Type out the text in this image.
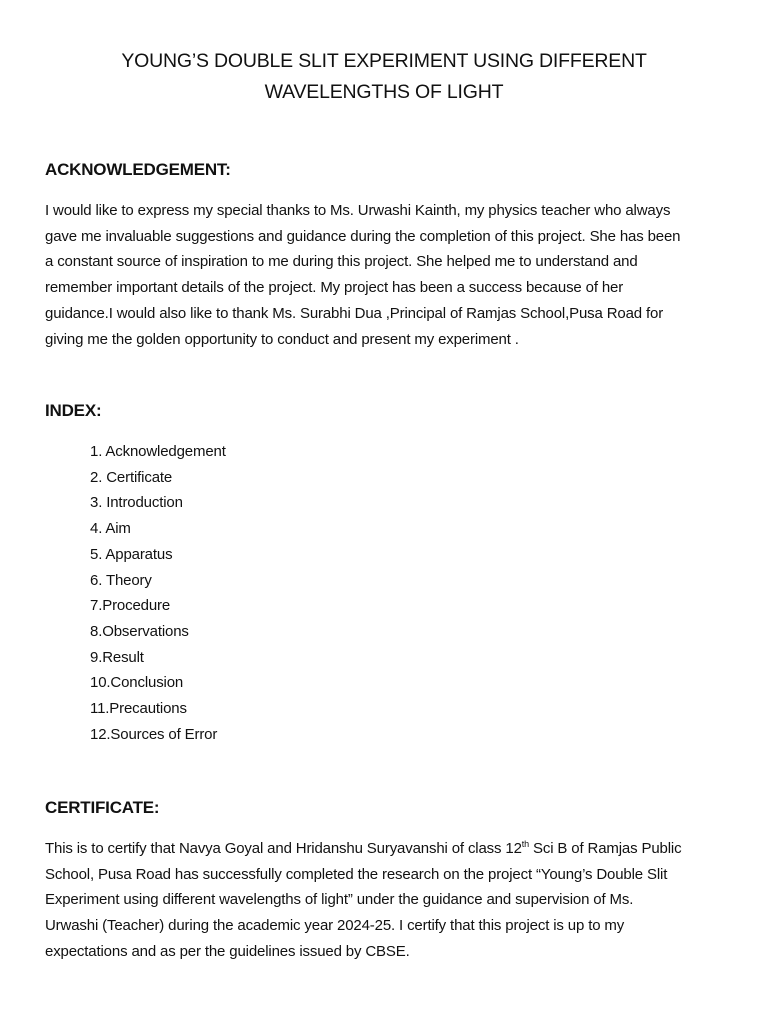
YOUNG’S DOUBLE SLIT EXPERIMENT USING DIFFERENT
WAVELENGTHS OF LIGHT
ACKNOWLEDGEMENT:
I would like to express my special thanks to Ms. Urwashi Kainth, my physics teacher who always
gave me invaluable suggestions and guidance during the completion of this project. She has been
a constant source of inspiration to me during this project. She helped me to understand and
remember important details of the project. My project has been a success because of her
guidance.I would also like to thank Ms. Surabhi Dua ,Principal of Ramjas School,Pusa Road for
giving me the golden opportunity to conduct and present my experiment .
INDEX:
1. Acknowledgement
2. Certificate
3. Introduction
4. Aim
5. Apparatus
6. Theory
7.Procedure
8.Observations
9.Result
10.Conclusion
11.Precautions
12.Sources of Error
CERTIFICATE:
This is to certify that Navya Goyal and Hridanshu Suryavanshi of class 12th Sci B of Ramjas Public
School, Pusa Road has successfully completed the research on the project “Young’s Double Slit
Experiment using different wavelengths of light” under the guidance and supervision of Ms.
Urwashi (Teacher) during the academic year 2024-25. I certify that this project is up to my
expectations and as per the guidelines issued by CBSE.
